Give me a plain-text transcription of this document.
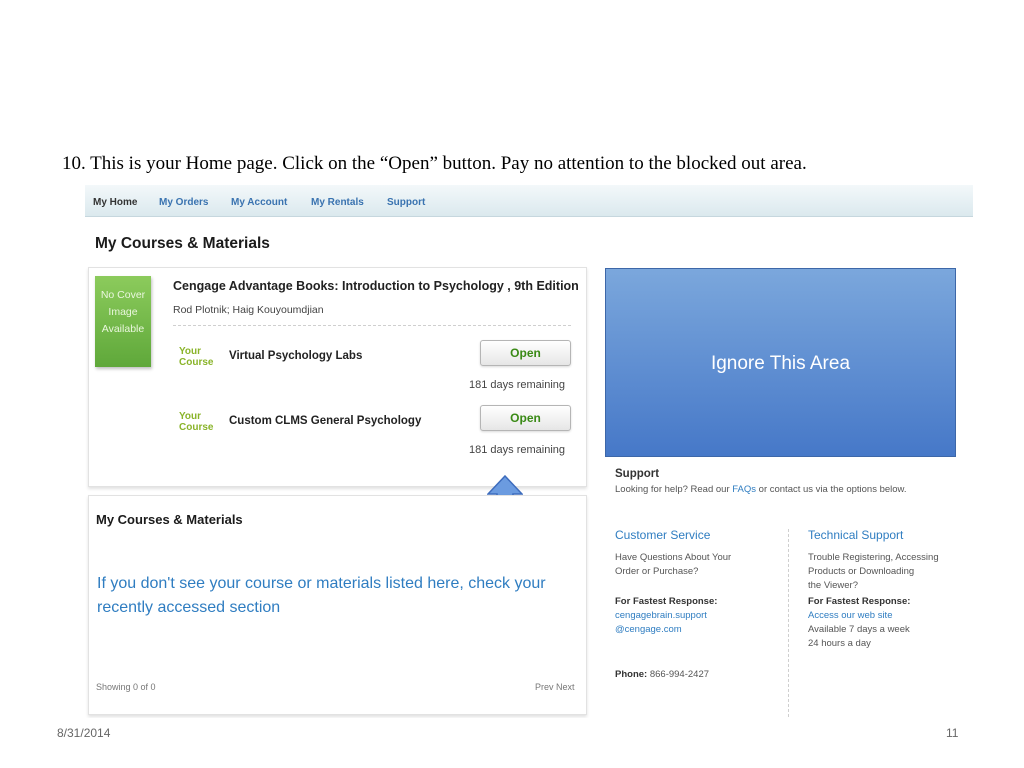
10. This is your Home page. Click on the “Open” button. Pay no attention to the blocked out area.
My Home My Orders My Account My Rentals Support
My Courses & Materials
No Cover
Image
Available
Cengage Advantage Books: Introduction to Psychology , 9th Edition
Rod Plotnik; Haig Kouyoumdjian
Your
Course
Virtual Psychology Labs	Open
181 days remaining
Your
Course
Custom CLMS General Psychology	Open
181 days remaining
Ignore This Area
My Courses & Materials
If you don't see your course or materials listed here, check your recently accessed section
Showing 0 of 0	Prev Next
Support
Looking for help? Read our FAQs or contact us via the options below.
Customer Service
Have Questions About Your
Order or Purchase?
For Fastest Response:
cengagebrain.support
@cengage.com
Phone: 866-994-2427
Technical Support
Trouble Registering, Accessing
Products or Downloading
the Viewer?
For Fastest Response:
Access our web site
Available 7 days a week
24 hours a day
8/31/2014	11
